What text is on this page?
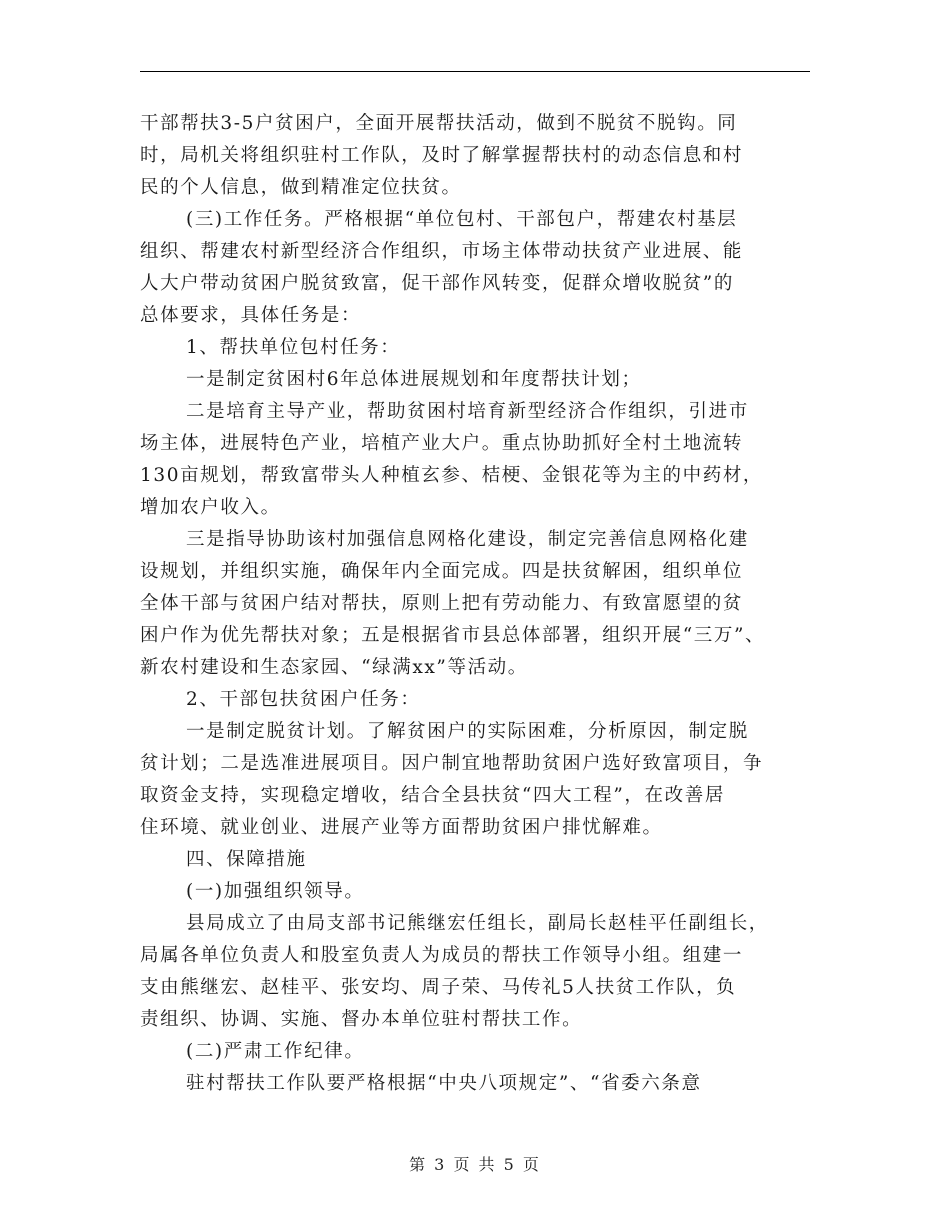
干部帮扶3-5户贫困户，全面开展帮扶活动，做到不脱贫不脱钩。同
时，局机关将组织驻村工作队，及时了解掌握帮扶村的动态信息和村
民的个人信息，做到精准定位扶贫。
(三)工作任务。严格根据“单位包村、干部包户，帮建农村基层
组织、帮建农村新型经济合作组织，市场主体带动扶贫产业进展、能
人大户带动贫困户脱贫致富，促干部作风转变，促群众增收脱贫”的
总体要求，具体任务是：
1、帮扶单位包村任务：
一是制定贫困村6年总体进展规划和年度帮扶计划；
二是培育主导产业，帮助贫困村培育新型经济合作组织，引进市
场主体，进展特色产业，培植产业大户。重点协助抓好全村土地流转
130亩规划，帮致富带头人种植玄参、桔梗、金银花等为主的中药材，
增加农户收入。
三是指导协助该村加强信息网格化建设，制定完善信息网格化建
设规划，并组织实施，确保年内全面完成。四是扶贫解困，组织单位
全体干部与贫困户结对帮扶，原则上把有劳动能力、有致富愿望的贫
困户作为优先帮扶对象；五是根据省市县总体部署，组织开展“三万”、
新农村建设和生态家园、“绿满xx”等活动。
2、干部包扶贫困户任务：
一是制定脱贫计划。了解贫困户的实际困难，分析原因，制定脱
贫计划；二是选准进展项目。因户制宜地帮助贫困户选好致富项目，争
取资金支持，实现稳定增收，结合全县扶贫“四大工程”，在改善居
住环境、就业创业、进展产业等方面帮助贫困户排忧解难。
四、保障措施
(一)加强组织领导。
县局成立了由局支部书记熊继宏任组长，副局长赵桂平任副组长，
局属各单位负责人和股室负责人为成员的帮扶工作领导小组。组建一
支由熊继宏、赵桂平、张安均、周子荣、马传礼5人扶贫工作队，负
责组织、协调、实施、督办本单位驻村帮扶工作。
(二)严肃工作纪律。
驻村帮扶工作队要严格根据“中央八项规定”、“省委六条意
第 3 页 共 5 页
